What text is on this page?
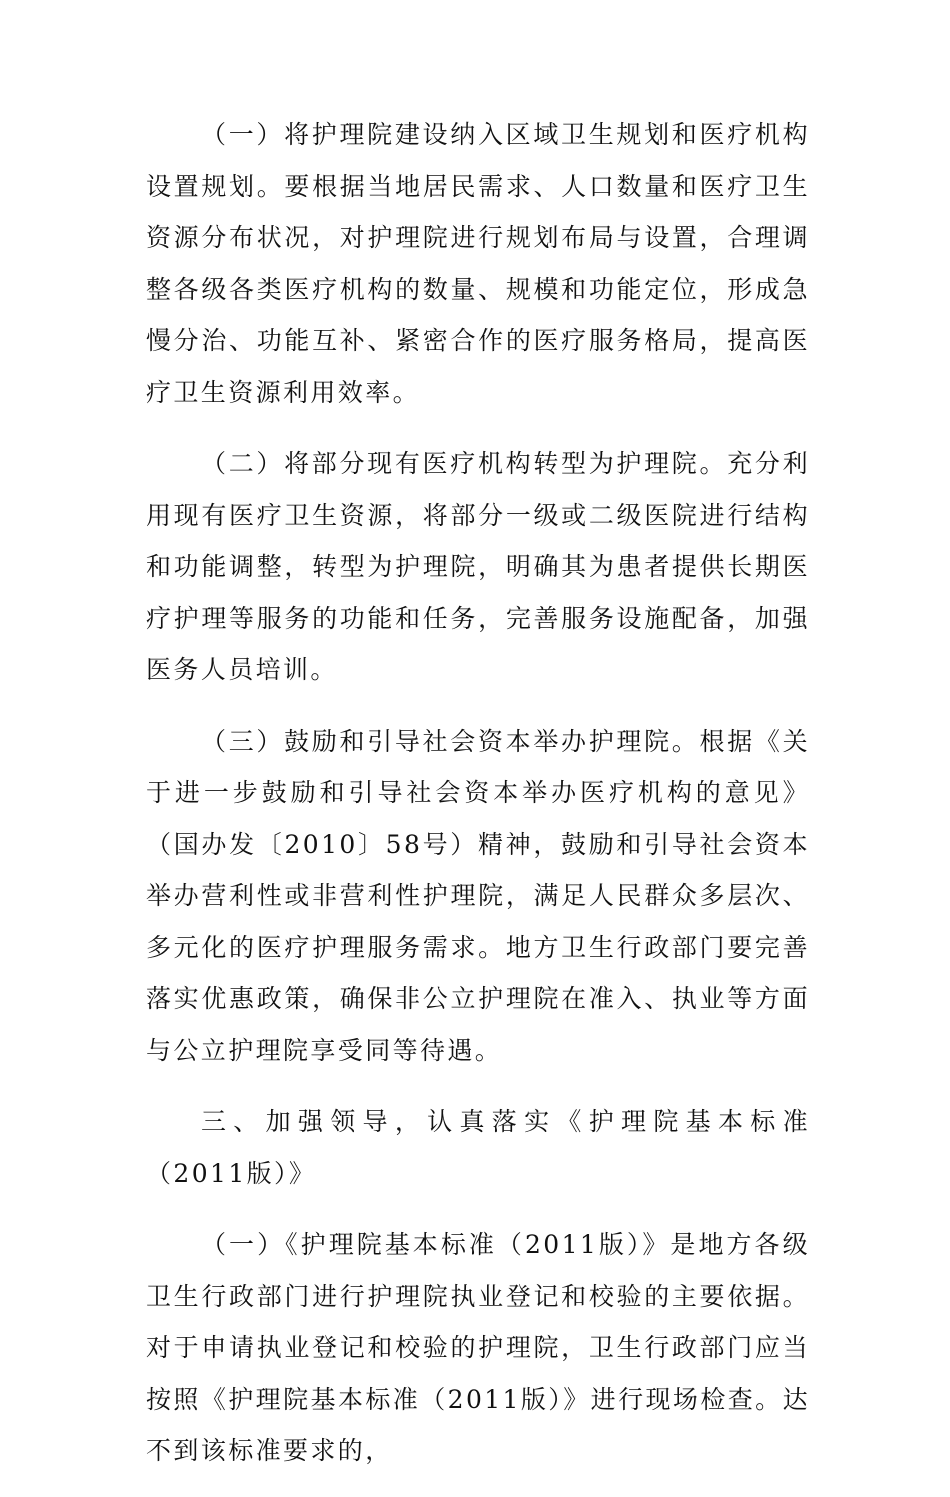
（一）将护理院建设纳入区域卫生规划和医疗机构设置规划。要根据当地居民需求、人口数量和医疗卫生资源分布状况，对护理院进行规划布局与设置，合理调整各级各类医疗机构的数量、规模和功能定位，形成急慢分治、功能互补、紧密合作的医疗服务格局，提高医疗卫生资源利用效率。

（二）将部分现有医疗机构转型为护理院。充分利用现有医疗卫生资源，将部分一级或二级医院进行结构和功能调整，转型为护理院，明确其为患者提供长期医疗护理等服务的功能和任务，完善服务设施配备，加强医务人员培训。

（三）鼓励和引导社会资本举办护理院。根据《关于进一步鼓励和引导社会资本举办医疗机构的意见》（国办发〔2010〕58号）精神，鼓励和引导社会资本举办营利性或非营利性护理院，满足人民群众多层次、多元化的医疗护理服务需求。地方卫生行政部门要完善落实优惠政策，确保非公立护理院在准入、执业等方面与公立护理院享受同等待遇。

三、加强领导，认真落实《护理院基本标准（2011版）》

（一）《护理院基本标准（2011版）》是地方各级卫生行政部门进行护理院执业登记和校验的主要依据。对于申请执业登记和校验的护理院，卫生行政部门应当按照《护理院基本标准（2011版）》进行现场检查。达不到该标准要求的，
